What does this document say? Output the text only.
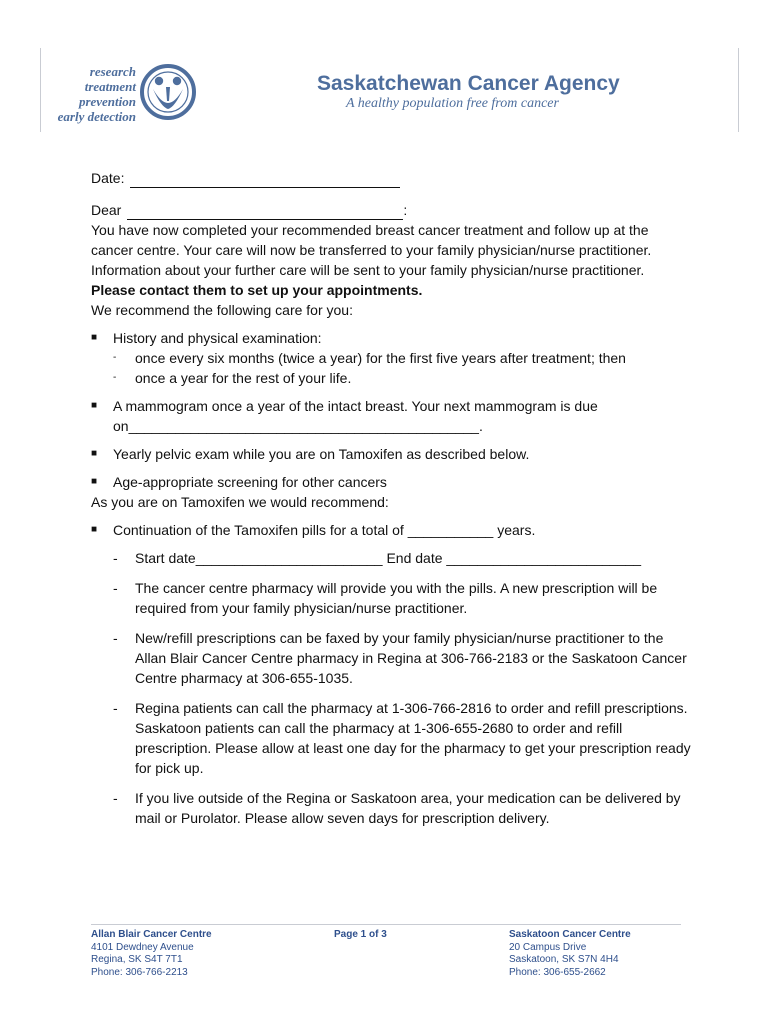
research
treatment
prevention
early detection
Saskatchewan Cancer Agency
A healthy population free from cancer
Date:
Dear	:

You have now completed your recommended breast cancer treatment and follow up at the cancer centre. Your care will now be transferred to your family physician/nurse practitioner.

Information about your further care will be sent to your family physician/nurse practitioner.
Please contact them to set up your appointments.

We recommend the following care for you:

■ History and physical examination:
- once every six months (twice a year) for the first five years after treatment; then
- once a year for the rest of your life.
■ A mammogram once a year of the intact breast. Your next mammogram is due
on_____________________________________________.
■ Yearly pelvic exam while you are on Tamoxifen as described below.
■ Age-appropriate screening for other cancers

As you are on Tamoxifen we would recommend:

■ Continuation of the Tamoxifen pills for a total of ___________ years.
- Start date________________________ End date _________________________
- The cancer centre pharmacy will provide you with the pills. A new prescription will be required from your family physician/nurse practitioner.
- New/refill prescriptions can be faxed by your family physician/nurse practitioner to the Allan Blair Cancer Centre pharmacy in Regina at 306-766-2183 or the Saskatoon Cancer Centre pharmacy at 306-655-1035.
- Regina patients can call the pharmacy at 1-306-766-2816 to order and refill prescriptions. Saskatoon patients can call the pharmacy at 1-306-655-2680 to order and refill prescription. Please allow at least one day for the pharmacy to get your prescription ready for pick up.
- If you live outside of the Regina or Saskatoon area, your medication can be delivered by mail or Purolator. Please allow seven days for prescription delivery.
Allan Blair Cancer Centre
4101 Dewdney Avenue
Regina, SK S4T 7T1
Phone: 306-766-2213
Page 1 of 3	Saskatoon Cancer Centre
20 Campus Drive
Saskatoon, SK S7N 4H4
Phone: 306-655-2662
